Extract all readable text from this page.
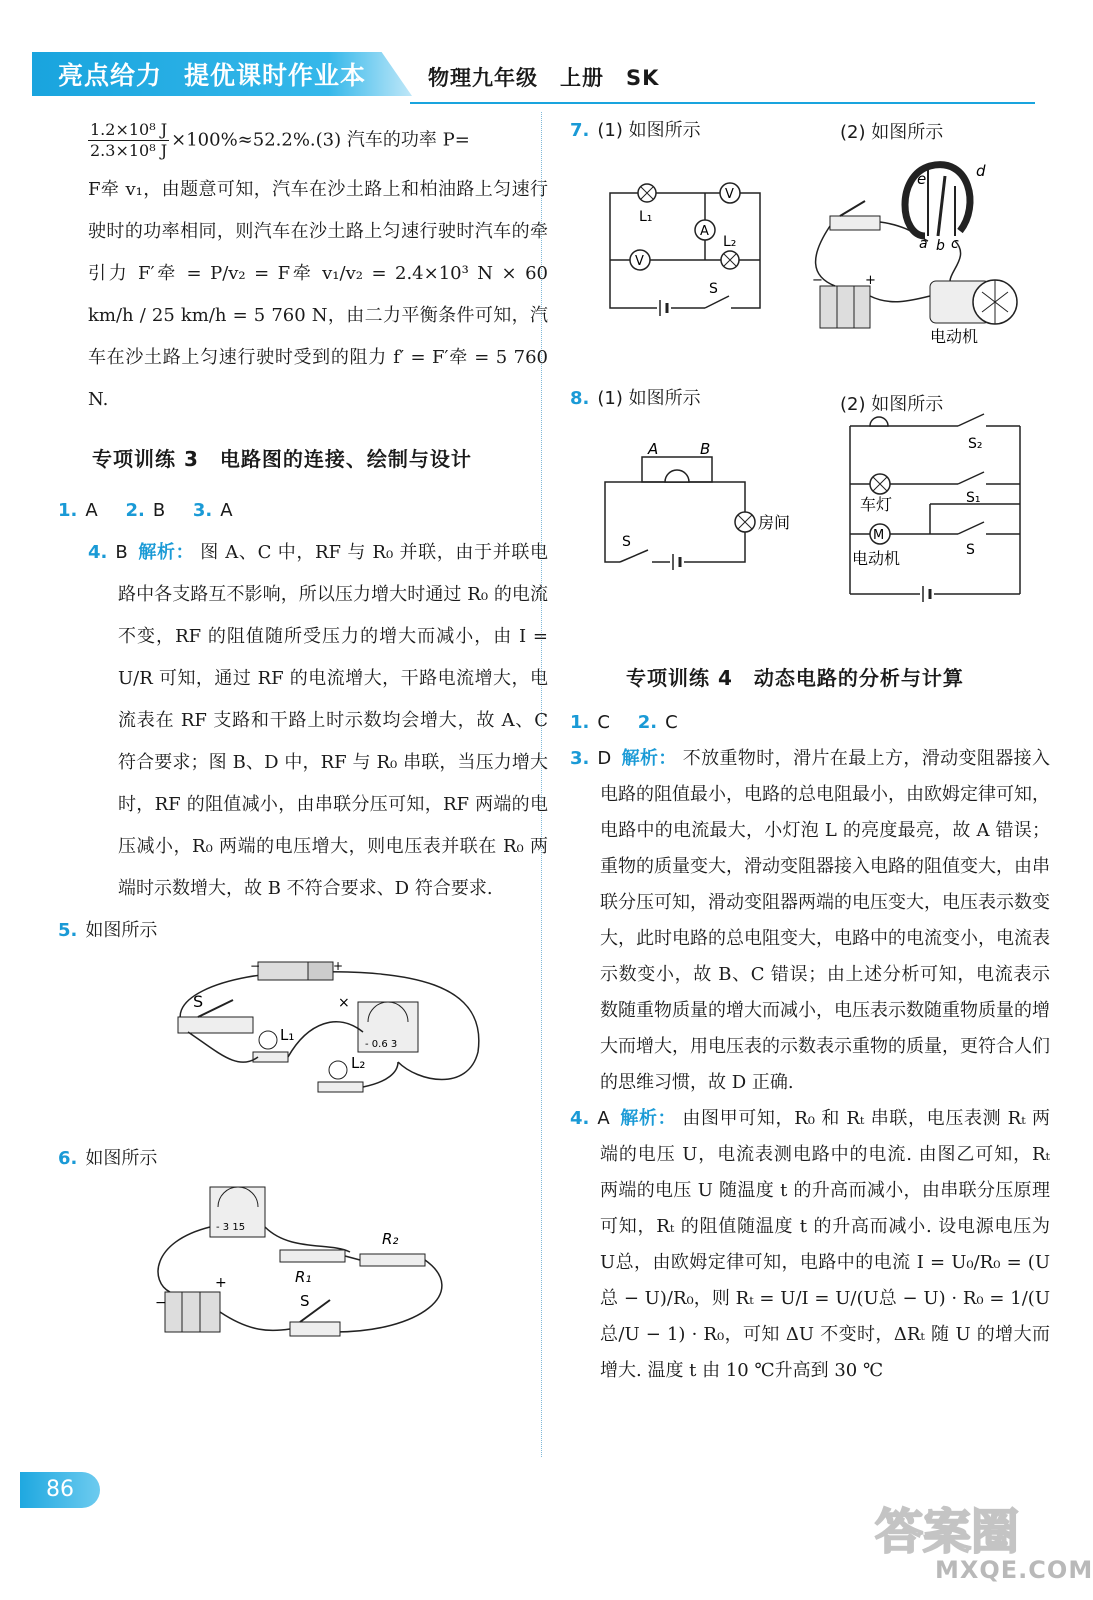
亮点给力 提优课时作业本	物理九年级　上册　SK
$\frac{\text{1.2×10⁸ J}}{\text{2.3×10⁸ J}} \times 100\%\approx 52.2\%.(3)$ 汽车的功率 P=
F牵 v₁，由题意可知，汽车在沙土路上和柏油路上匀速行驶时的功率相同，则汽车在沙土路上匀速行驶时汽车的牵引力 F′牵 = P/v₂ = F牵 v₁/v₂ = 2.4×10³ N × 60 km/h / 25 km/h = 5 760 N，由二力平衡条件可知，汽车在沙土路上匀速行驶时受到的阻力 f′ = F′牵 = 5 760 N.
专项训练 3　电路图的连接、绘制与设计
1. A 2. B 3. A
4. B 解析： 图 A、C 中，RF 与 R₀ 并联，由于并联电路中各支路互不影响，所以压力增大时通过 R₀ 的电流不变，RF 的阻值随所受压力的增大而减小，由 I = U/R 可知，通过 RF 的电流增大，干路电流增大，电流表在 RF 支路和干路上时示数均会增大，故 A、C 符合要求；图 B、D 中，RF 与 R₀ 串联，当压力增大时，RF 的阻值减小，由串联分压可知，RF 两端的电压减小，R₀ 两端的电压增大，则电压表并联在 R₀ 两端时示数增大，故 B 不符合要求、D 符合要求.
5. 如图所示
−	+
S
- 0.6 3
×
L₁
L₂
6. 如图所示
- 3 15
R₁
R₂
−
+
S
7. (1) 如图所示	(2) 如图所示
L₁
V
A
V
L₂
S
e	d
a b c
−	+
电动机
8. (1) 如图所示	(2) 如图所示
A	B
房间
S
S₂
车灯	S₁
M
电动机	S
专项训练 4　动态电路的分析与计算
1. C 2. C
3. D 解析： 不放重物时，滑片在最上方，滑动变阻器接入电路的阻值最小，电路的总电阻最小，由欧姆定律可知，电路中的电流最大，小灯泡 L 的亮度最亮，故 A 错误；重物的质量变大，滑动变阻器接入电路的阻值变大，由串联分压可知，滑动变阻器两端的电压变大，电压表示数变大，此时电路的总电阻变大，电路中的电流变小，电流表示数变小，故 B、C 错误；由上述分析可知，电流表示数随重物质量的增大而减小，电压表示数随重物质量的增大而增大，用电压表的示数表示重物的质量，更符合人们的思维习惯，故 D 正确.
4. A 解析： 由图甲可知，R₀ 和 Rₜ 串联，电压表测 Rₜ 两端的电压 U，电流表测电路中的电流. 由图乙可知，Rₜ 两端的电压 U 随温度 t 的升高而减小，由串联分压原理可知，Rₜ 的阻值随温度 t 的升高而减小. 设电源电压为 U总，由欧姆定律可知，电路中的电流 I = U₀/R₀ = (U总 − U)/R₀，则 Rₜ = U/I = U/(U总 − U) · R₀ = 1/(U总/U − 1) · R₀，可知 ΔU 不变时，ΔRₜ 随 U 的增大而增大. 温度 t 由 10 ℃升高到 30 ℃
86
答案圈
MXQE.COM
